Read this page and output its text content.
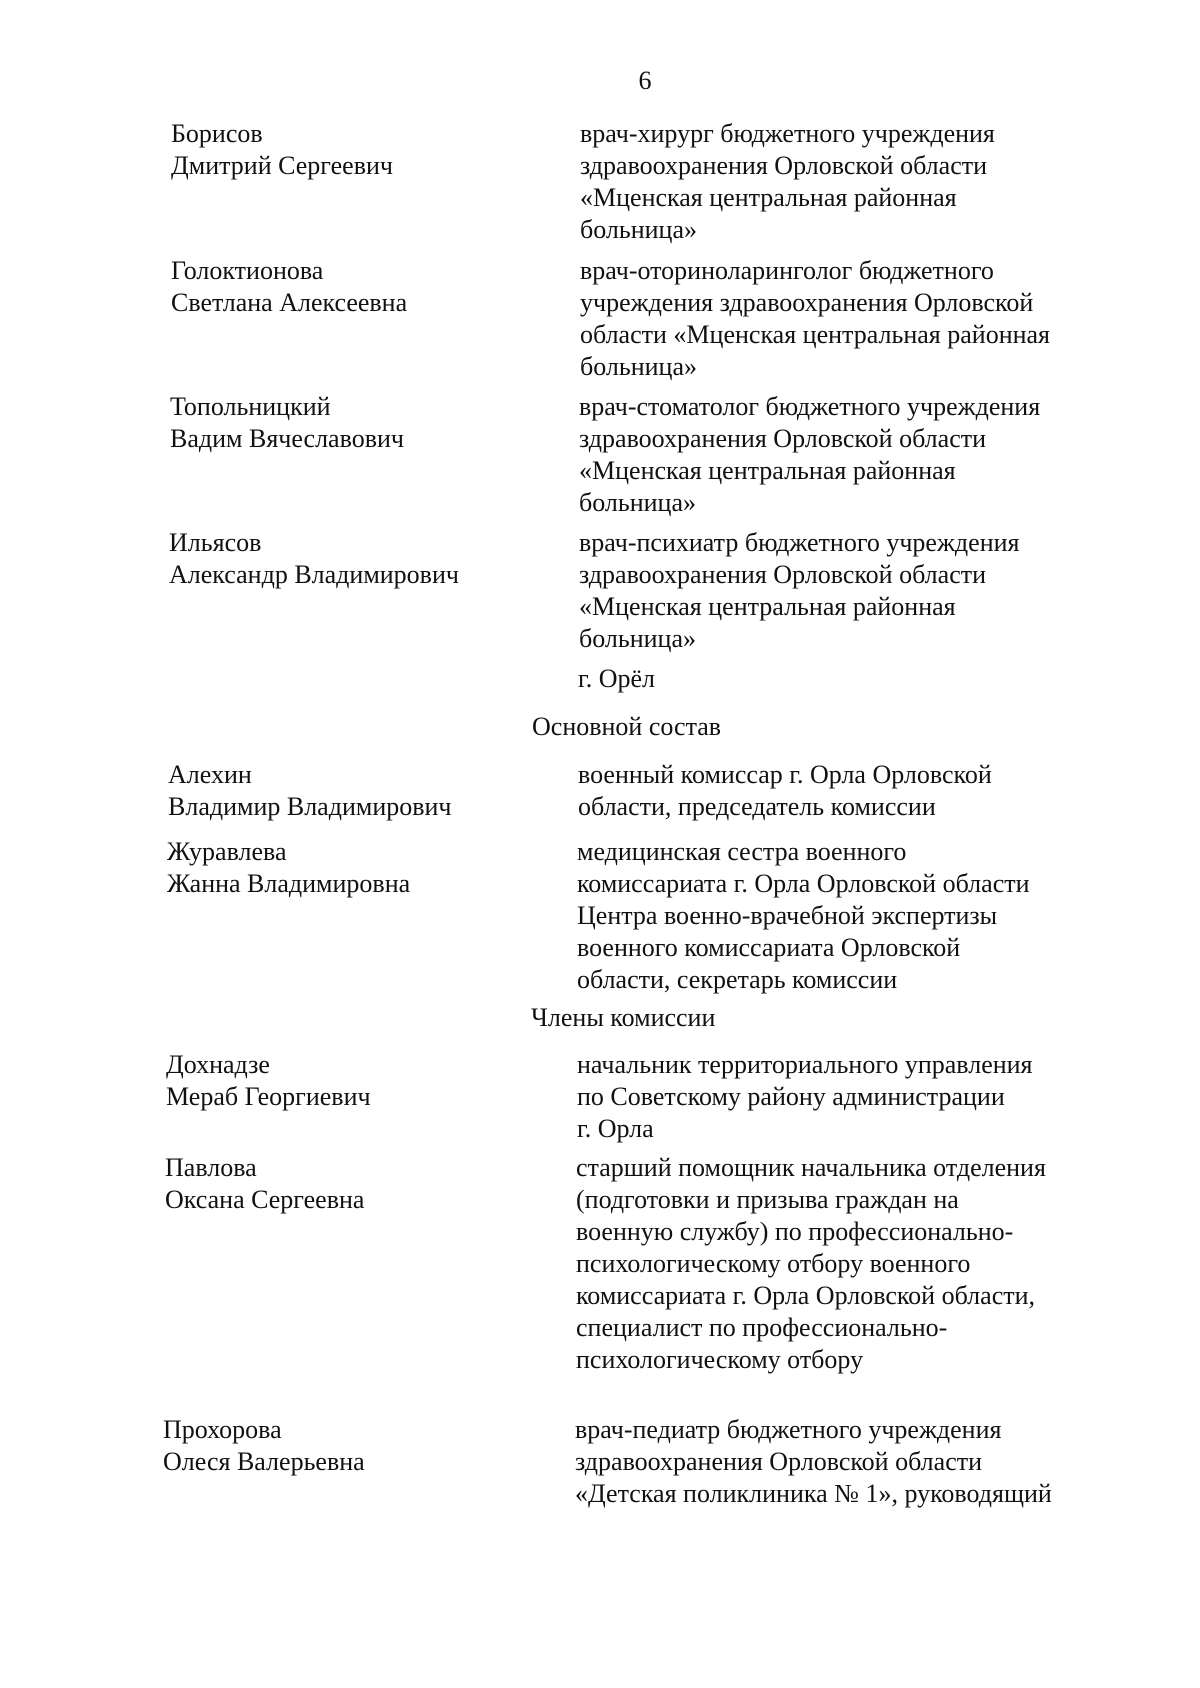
6
Борисов
Дмитрий Сергеевич
врач-хирург бюджетного учреждения
здравоохранения Орловской области
«Мценская центральная районная
больница»
Голоктионова
Светлана Алексеевна
врач-оториноларинголог бюджетного
учреждения здравоохранения Орловской
области «Мценская центральная районная
больница»
Топольницкий
Вадим Вячеславович
врач-стоматолог бюджетного учреждения
здравоохранения Орловской области
«Мценская центральная районная
больница»
Ильясов
Александр Владимирович
врач-психиатр бюджетного учреждения
здравоохранения Орловской области
«Мценская центральная районная
больница»
г. Орёл
Основной состав
Алехин
Владимир Владимирович
военный комиссар г. Орла Орловской
области, председатель комиссии
Журавлева
Жанна Владимировна
медицинская сестра военного
комиссариата г. Орла Орловской области
Центра военно-врачебной экспертизы
военного комиссариата Орловской
области, секретарь комиссии
Члены комиссии
Дохнадзе
Мераб Георгиевич
начальник территориального управления
по Советскому району администрации
г. Орла
Павлова
Оксана Сергеевна
старший помощник начальника отделения
(подготовки и призыва граждан на
военную службу) по профессионально-
психологическому отбору военного
комиссариата г. Орла Орловской области,
специалист по профессионально-
психологическому отбору
Прохорова
Олеся Валерьевна
врач-педиатр бюджетного учреждения
здравоохранения Орловской области
«Детская поликлиника № 1», руководящий
